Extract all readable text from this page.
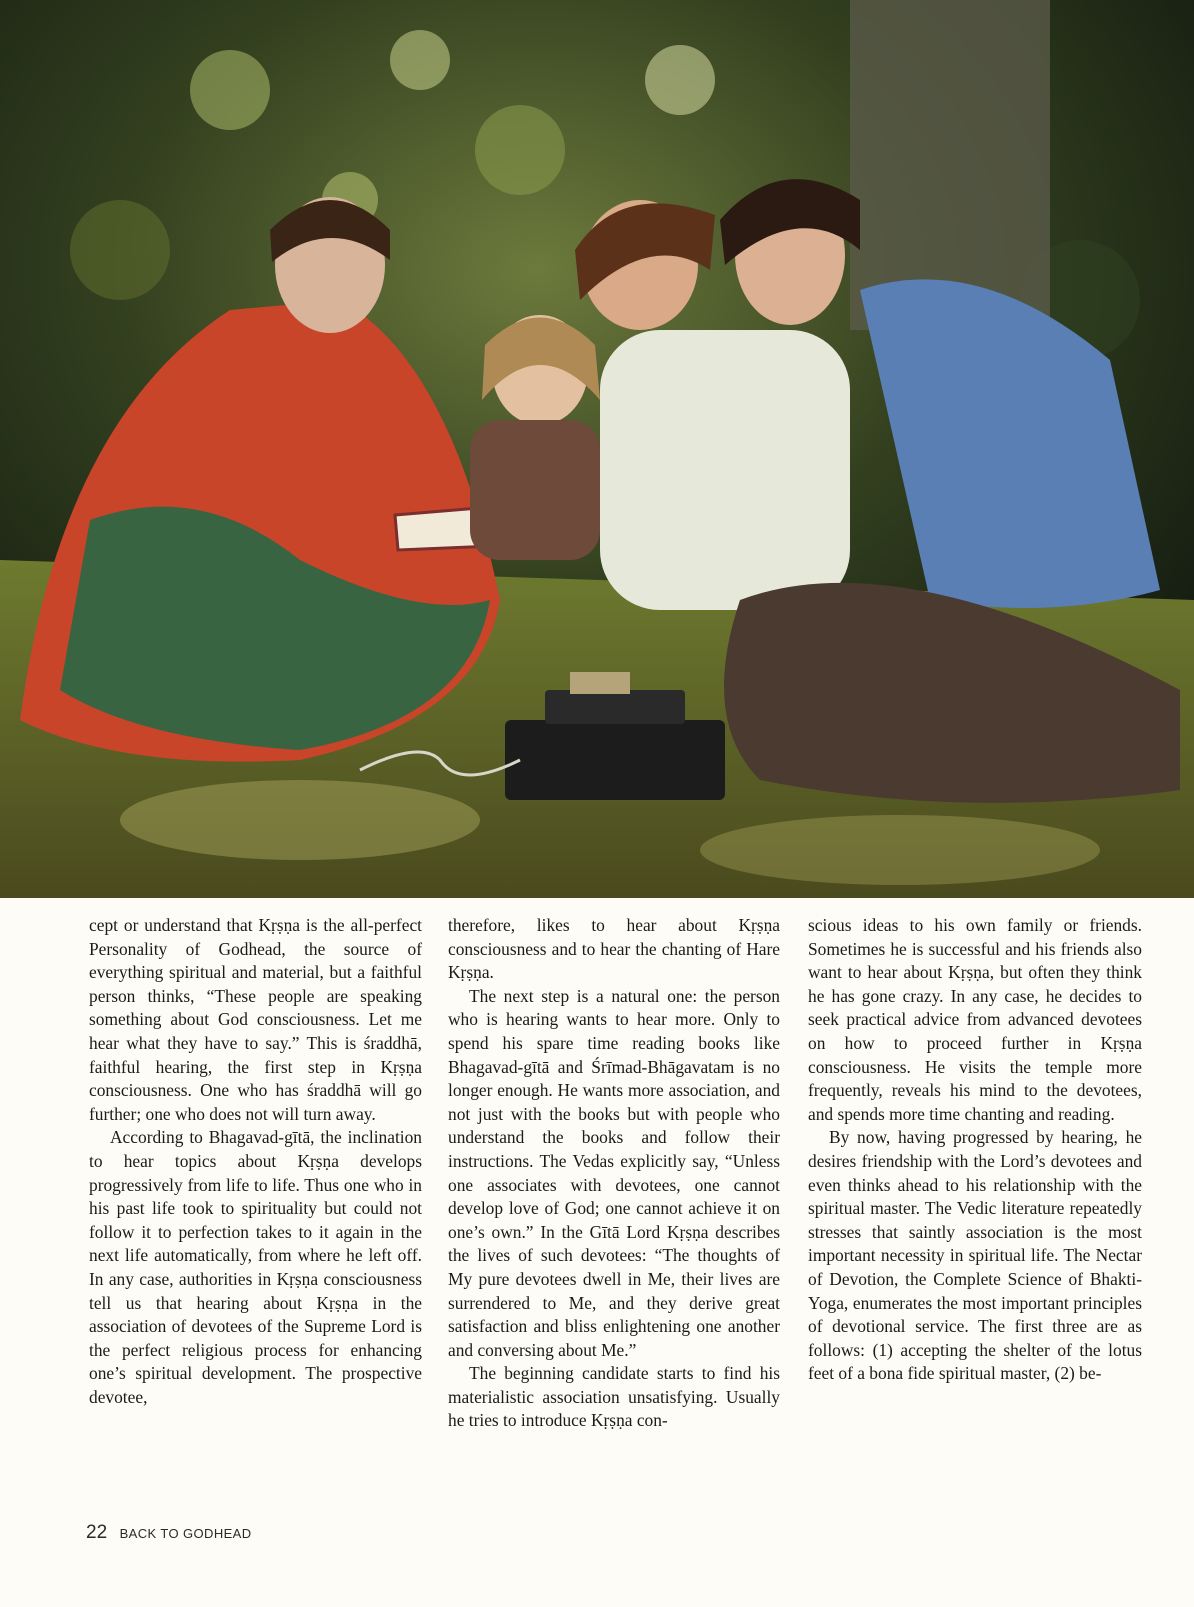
cept or understand that Kṛṣṇa is the all-perfect Personality of Godhead, the source of everything spiritual and material, but a faithful person thinks, “These people are speaking something about God consciousness. Let me hear what they have to say.” This is śraddhā, faithful hearing, the first step in Kṛṣṇa consciousness. One who has śraddhā will go further; one who does not will turn away.

According to Bhagavad-gītā, the inclination to hear topics about Kṛṣṇa develops progressively from life to life. Thus one who in his past life took to spirituality but could not follow it to perfection takes to it again in the next life automatically, from where he left off. In any case, authorities in Kṛṣṇa consciousness tell us that hearing about Kṛṣṇa in the association of devotees of the Supreme Lord is the perfect religious process for enhancing one’s spiritual development. The prospective devotee,

therefore, likes to hear about Kṛṣṇa consciousness and to hear the chanting of Hare Kṛṣṇa.

The next step is a natural one: the person who is hearing wants to hear more. Only to spend his spare time reading books like Bhagavad-gītā and Śrīmad-Bhāgavatam is no longer enough. He wants more association, and not just with the books but with people who understand the books and follow their instructions. The Vedas explicitly say, “Unless one associates with devotees, one cannot develop love of God; one cannot achieve it on one’s own.” In the Gītā Lord Kṛṣṇa describes the lives of such devotees: “The thoughts of My pure devotees dwell in Me, their lives are surrendered to Me, and they derive great satisfaction and bliss enlightening one another and conversing about Me.”

The beginning candidate starts to find his materialistic association unsatisfying. Usually he tries to introduce Kṛṣṇa con-

scious ideas to his own family or friends. Sometimes he is successful and his friends also want to hear about Kṛṣṇa, but often they think he has gone crazy. In any case, he decides to seek practical advice from advanced devotees on how to proceed further in Kṛṣṇa consciousness. He visits the temple more frequently, reveals his mind to the devotees, and spends more time chanting and reading.

By now, having progressed by hearing, he desires friendship with the Lord’s devotees and even thinks ahead to his relationship with the spiritual master. The Vedic literature repeatedly stresses that saintly association is the most important necessity in spiritual life. The Nectar of Devotion, the Complete Science of Bhakti-Yoga, enumerates the most important principles of devotional service. The first three are as follows: (1) accepting the shelter of the lotus feet of a bona fide spiritual master, (2) be-

22 BACK TO GODHEAD
